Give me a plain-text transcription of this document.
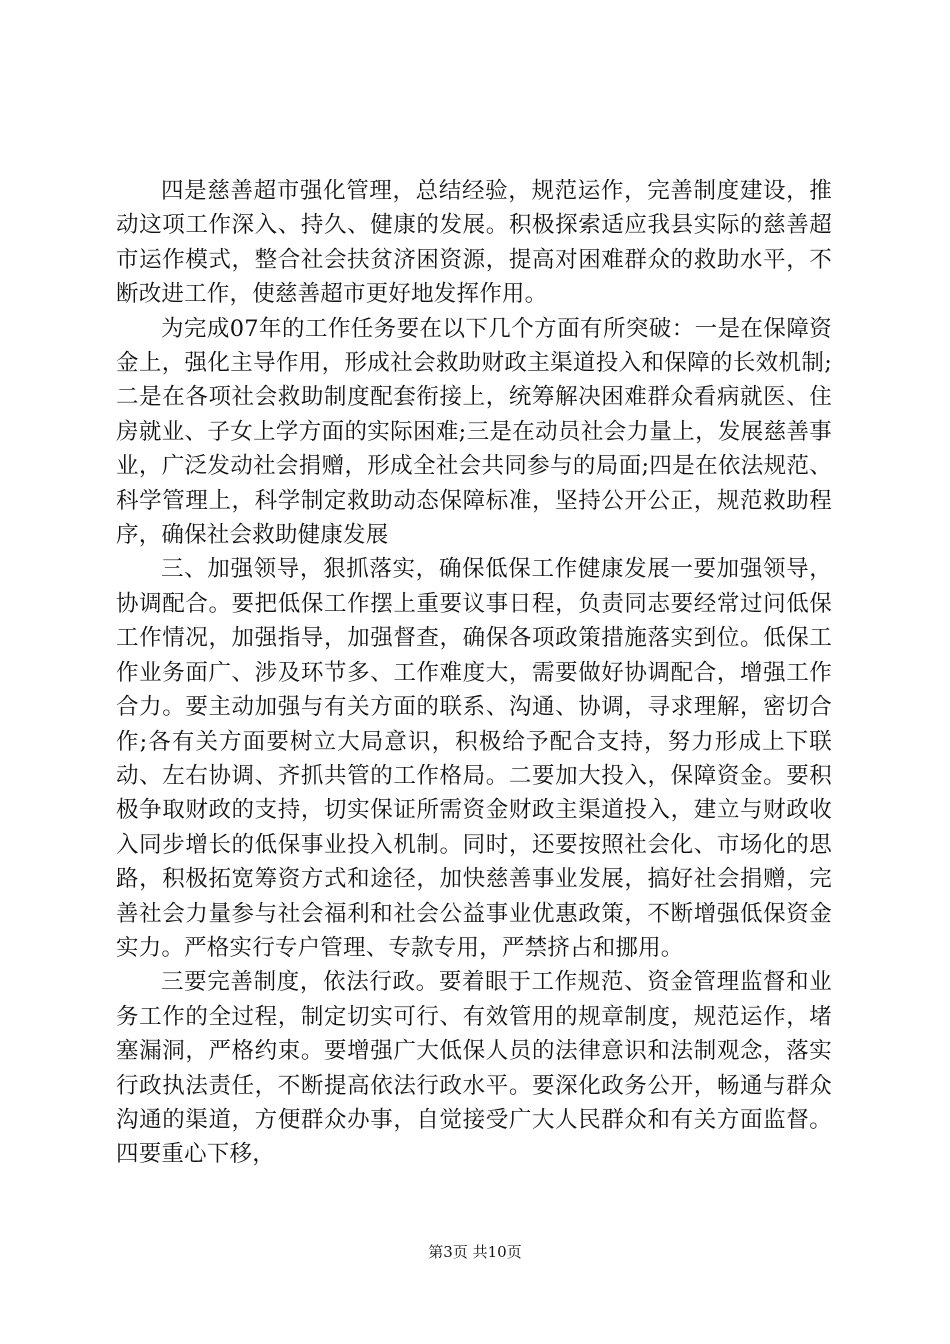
四是慈善超市强化管理，总结经验，规范运作，完善制度建设，推动这项工作深入、持久、健康的发展。积极探索适应我县实际的慈善超市运作模式，整合社会扶贫济困资源，提高对困难群众的救助水平，不断改进工作，使慈善超市更好地发挥作用。

为完成07年的工作任务要在以下几个方面有所突破：一是在保障资金上，强化主导作用，形成社会救助财政主渠道投入和保障的长效机制;二是在各项社会救助制度配套衔接上，统筹解决困难群众看病就医、住房就业、子女上学方面的实际困难;三是在动员社会力量上，发展慈善事业，广泛发动社会捐赠，形成全社会共同参与的局面;四是在依法规范、科学管理上，科学制定救助动态保障标准，坚持公开公正，规范救助程序，确保社会救助健康发展

三、加强领导，狠抓落实，确保低保工作健康发展一要加强领导，协调配合。要把低保工作摆上重要议事日程，负责同志要经常过问低保工作情况，加强指导，加强督查，确保各项政策措施落实到位。低保工作业务面广、涉及环节多、工作难度大，需要做好协调配合，增强工作合力。要主动加强与有关方面的联系、沟通、协调，寻求理解，密切合作;各有关方面要树立大局意识，积极给予配合支持，努力形成上下联动、左右协调、齐抓共管的工作格局。二要加大投入，保障资金。要积极争取财政的支持，切实保证所需资金财政主渠道投入，建立与财政收入同步增长的低保事业投入机制。同时，还要按照社会化、市场化的思路，积极拓宽筹资方式和途径，加快慈善事业发展，搞好社会捐赠，完善社会力量参与社会福利和社会公益事业优惠政策，不断增强低保资金实力。严格实行专户管理、专款专用，严禁挤占和挪用。

三要完善制度，依法行政。要着眼于工作规范、资金管理监督和业务工作的全过程，制定切实可行、有效管用的规章制度，规范运作，堵塞漏洞，严格约束。要增强广大低保人员的法律意识和法制观念，落实行政执法责任，不断提高依法行政水平。要深化政务公开，畅通与群众沟通的渠道，方便群众办事，自觉接受广大人民群众和有关方面监督。四要重心下移，

第3页 共10页
